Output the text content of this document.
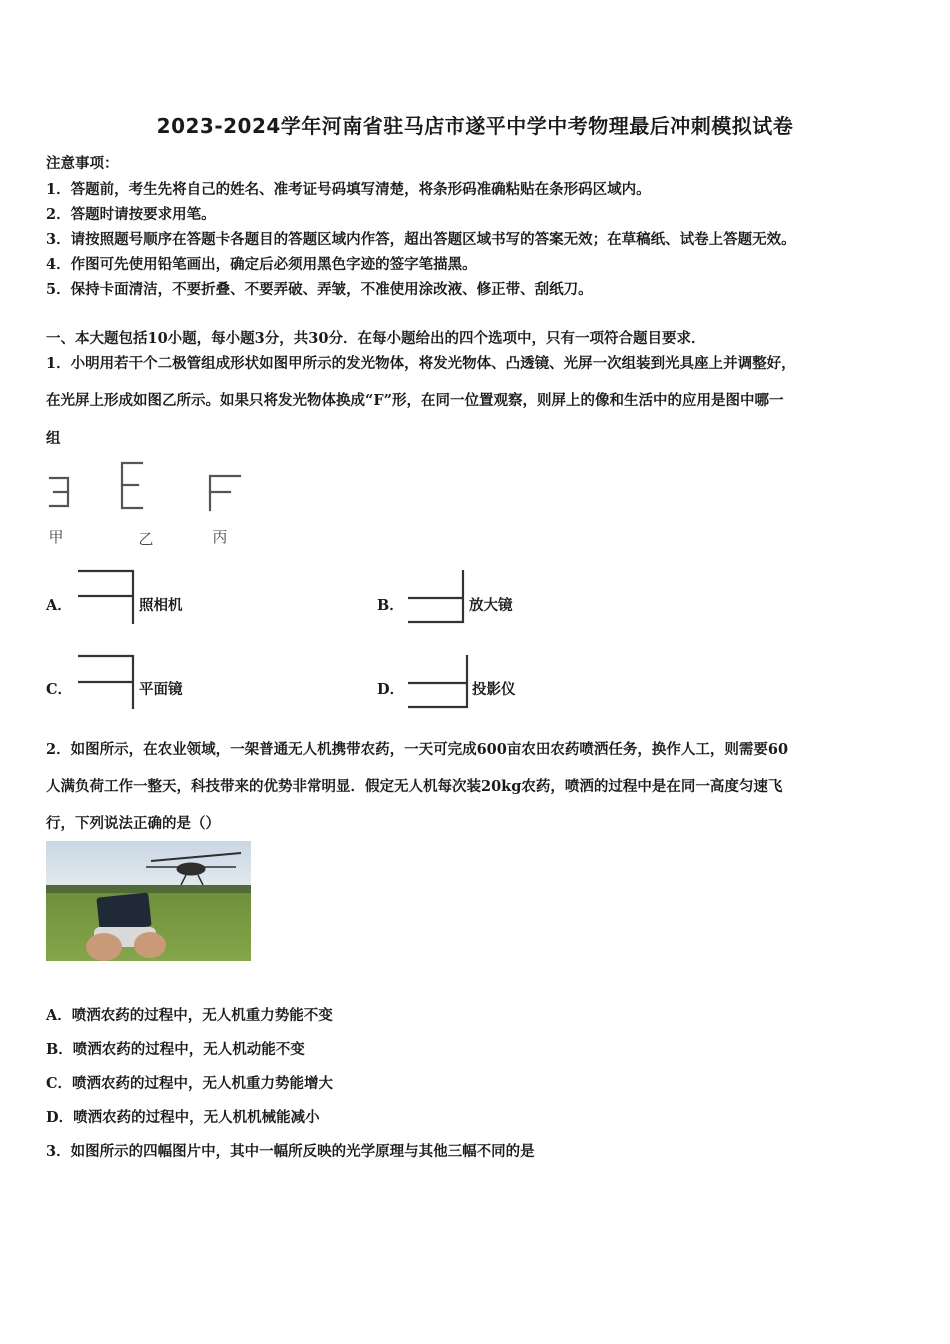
2023-2024学年河南省驻马店市遂平中学中考物理最后冲刺模拟试卷
注意事项：
1．答题前，考生先将自己的姓名、准考证号码填写清楚，将条形码准确粘贴在条形码区域内。
2．答题时请按要求用笔。
3．请按照题号顺序在答题卡各题目的答题区域内作答，超出答题区域书写的答案无效；在草稿纸、试卷上答题无效。
4．作图可先使用铅笔画出，确定后必须用黑色字迹的签字笔描黑。
5．保持卡面清洁，不要折叠、不要弄破、弄皱，不准使用涂改液、修正带、刮纸刀。
一、本大题包括10小题，每小题3分，共30分．在每小题给出的四个选项中，只有一项符合题目要求．
1．小明用若干个二极管组成形状如图甲所示的发光物体，将发光物体、凸透镜、光屏一次组装到光具座上并调整好，
在光屏上形成如图乙所示。如果只将发光物体换成“F”形，在同一位置观察，则屏上的像和生活中的应用是图中哪一
组
甲	乙	丙
A．	照相机	B．	放大镜
C．	平面镜	D．	投影仪
2．如图所示，在农业领域，一架普通无人机携带农药，一天可完成600亩农田农药喷洒任务，换作人工，则需要60
人满负荷工作一整天，科技带来的优势非常明显．假定无人机每次装20kg农药，喷洒的过程中是在同一高度匀速飞
行，下列说法正确的是（）
A．喷洒农药的过程中，无人机重力势能不变
B．喷洒农药的过程中，无人机动能不变
C．喷洒农药的过程中，无人机重力势能增大
D．喷洒农药的过程中，无人机机械能减小
3．如图所示的四幅图片中，其中一幅所反映的光学原理与其他三幅不同的是
